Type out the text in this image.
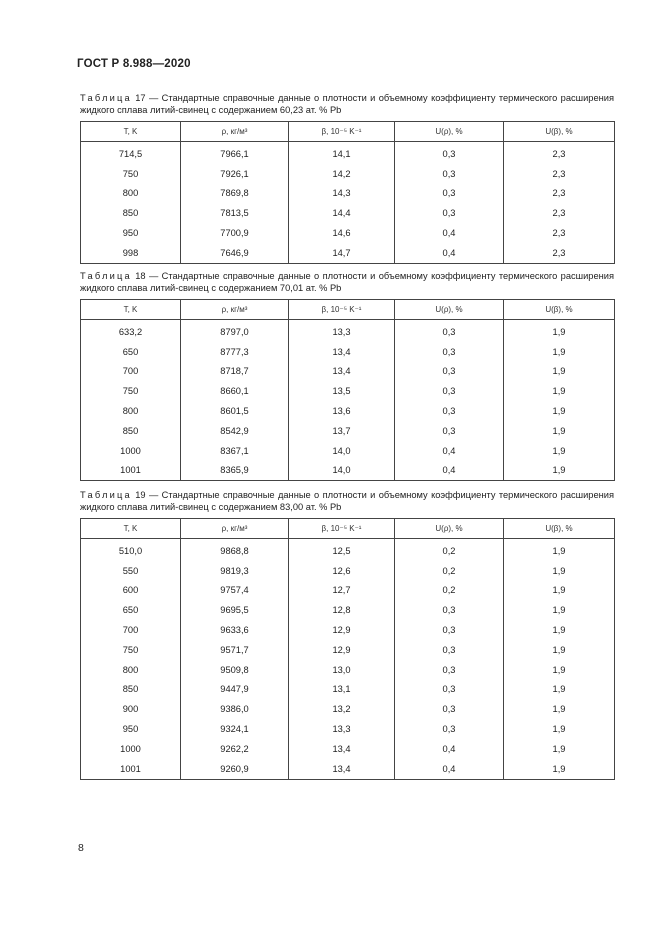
ГОСТ Р 8.988—2020
Таблица 17 — Стандартные справочные данные о плотности и объемному коэффициенту термического расширения жидкого сплава литий-свинец с содержанием 60,23 ат. % Pb
T, K	ρ, кг/м³	β, 10⁻⁵ K⁻¹	U(ρ), %	U(β), %
714,5	7966,1	14,1	0,3	2,3
750	7926,1	14,2	0,3	2,3
800	7869,8	14,3	0,3	2,3
850	7813,5	14,4	0,3	2,3
950	7700,9	14,6	0,4	2,3
998	7646,9	14,7	0,4	2,3
Таблица 18 — Стандартные справочные данные о плотности и объемному коэффициенту термического расширения жидкого сплава литий-свинец с содержанием 70,01 ат. % Pb
T, K	ρ, кг/м³	β, 10⁻⁵ K⁻¹	U(ρ), %	U(β), %
633,2	8797,0	13,3	0,3	1,9
650	8777,3	13,4	0,3	1,9
700	8718,7	13,4	0,3	1,9
750	8660,1	13,5	0,3	1,9
800	8601,5	13,6	0,3	1,9
850	8542,9	13,7	0,3	1,9
1000	8367,1	14,0	0,4	1,9
1001	8365,9	14,0	0,4	1,9
Таблица 19 — Стандартные справочные данные о плотности и объемному коэффициенту термического расширения жидкого сплава литий-свинец с содержанием 83,00 ат. % Pb
T, K	ρ, кг/м³	β, 10⁻⁵ K⁻¹	U(ρ), %	U(β), %
510,0	9868,8	12,5	0,2	1,9
550	9819,3	12,6	0,2	1,9
600	9757,4	12,7	0,2	1,9
650	9695,5	12,8	0,3	1,9
700	9633,6	12,9	0,3	1,9
750	9571,7	12,9	0,3	1,9
800	9509,8	13,0	0,3	1,9
850	9447,9	13,1	0,3	1,9
900	9386,0	13,2	0,3	1,9
950	9324,1	13,3	0,3	1,9
1000	9262,2	13,4	0,4	1,9
1001	9260,9	13,4	0,4	1,9
8
